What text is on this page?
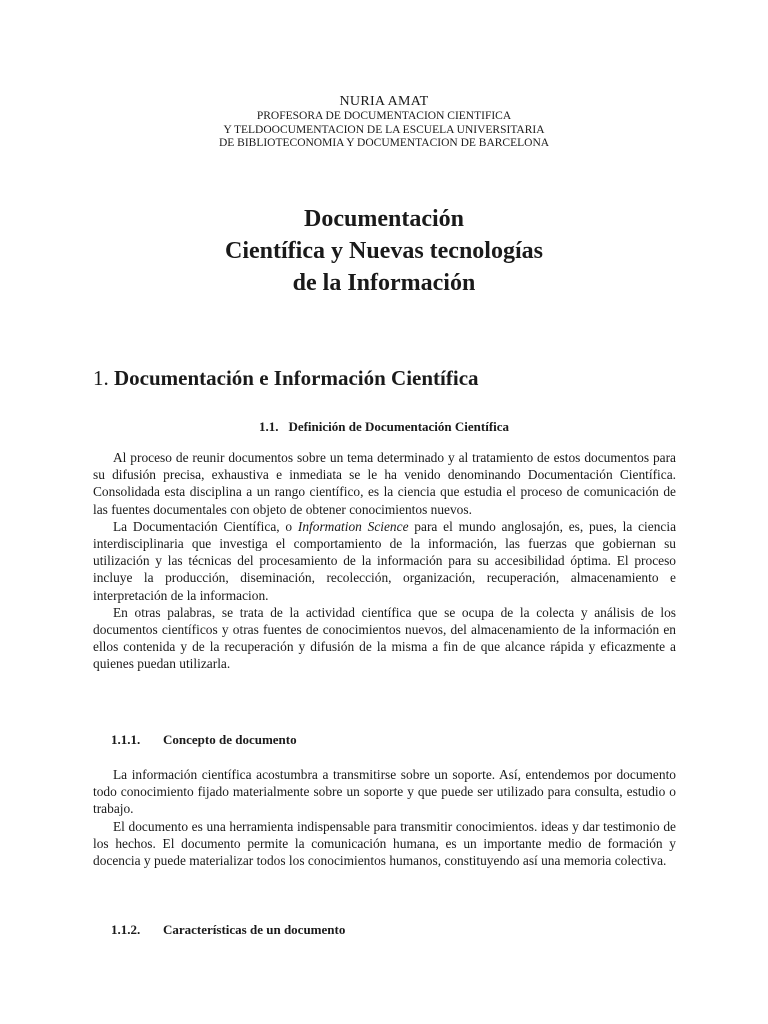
NURIA AMAT
PROFESORA DE DOCUMENTACION CIENTIFICA
Y TELDOOCUMENTACION DE LA ESCUELA UNIVERSITARIA
DE BIBLIOTECONOMIA Y DOCUMENTACION DE BARCELONA
Documentación
Científica y Nuevas tecnologías
de la Información
1. Documentación e Información Científica
1.1. Definición de Documentación Científica

Al proceso de reunir documentos sobre un tema determinado y al tratamiento de estos documentos para su difusión precisa, exhaustiva e inmediata se le ha venido denominando Documentación Científica. Consolidada esta disciplina a un rango científico, es la ciencia que estudia el proceso de comunicación de las fuentes documentales con objeto de obtener conocimientos nuevos.

La Documentación Científica, o Information Science para el mundo anglosajón, es, pues, la ciencia interdisciplinaria que investiga el comportamiento de la información, las fuerzas que gobiernan su utilización y las técnicas del procesamiento de la información para su accesibilidad óptima. El proceso incluye la producción, diseminación, recolección, organización, recuperación, almacenamiento e interpretación de la informacion.

En otras palabras, se trata de la actividad científica que se ocupa de la colecta y análisis de los documentos científicos y otras fuentes de conocimientos nuevos, del almacenamiento de la información en ellos contenida y de la recuperación y difusión de la misma a fin de que alcance rápida y eficazmente a quienes puedan utilizarla.

1.1.1. Concepto de documento

La información científica acostumbra a transmitirse sobre un soporte. Así, entendemos por documento todo conocimiento fijado materialmente sobre un soporte y que puede ser utilizado para consulta, estudio o trabajo.

El documento es una herramienta indispensable para transmitir conocimientos. ideas y dar testimonio de los hechos. El documento permite la comunicación humana, es un importante medio de formación y docencia y puede materializar todos los conocimientos humanos, constituyendo así una memoria colectiva.

1.1.2. Características de un documento
